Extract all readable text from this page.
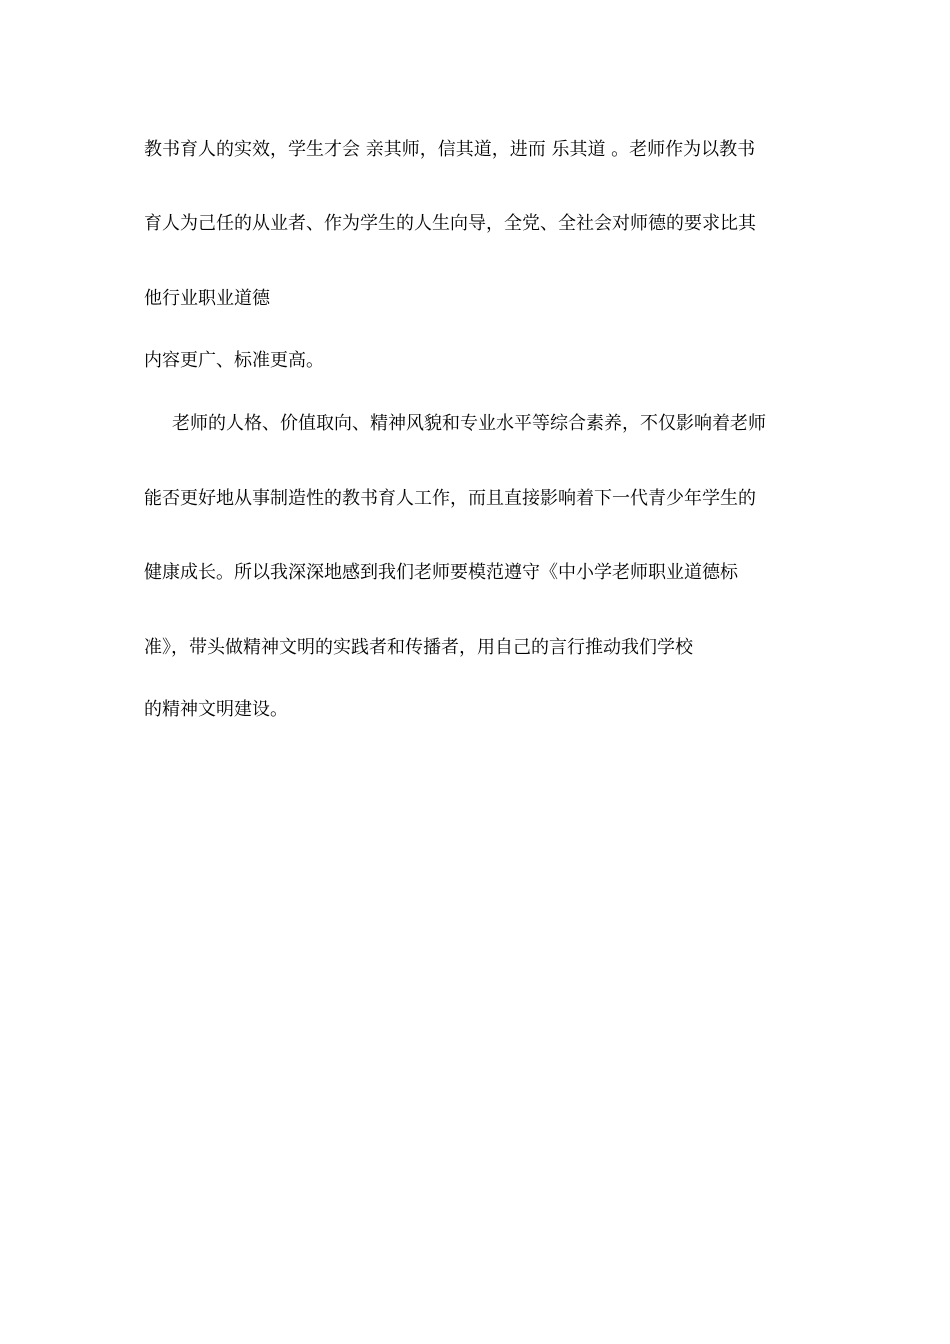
教书育人的实效，学生才会 亲其师，信其道，进而 乐其道 。老师作为以教书
育人为己任的从业者、作为学生的人生向导，全党、全社会对师德的要求比其
他行业职业道德
内容更广、标准更高。
老师的人格、价值取向、精神风貌和专业水平等综合素养，不仅影响着老师
能否更好地从事制造性的教书育人工作，而且直接影响着下一代青少年学生的
健康成长。所以我深深地感到我们老师要模范遵守《中小学老师职业道德标
准》，带头做精神文明的实践者和传播者，用自己的言行推动我们学校
的精神文明建设。
